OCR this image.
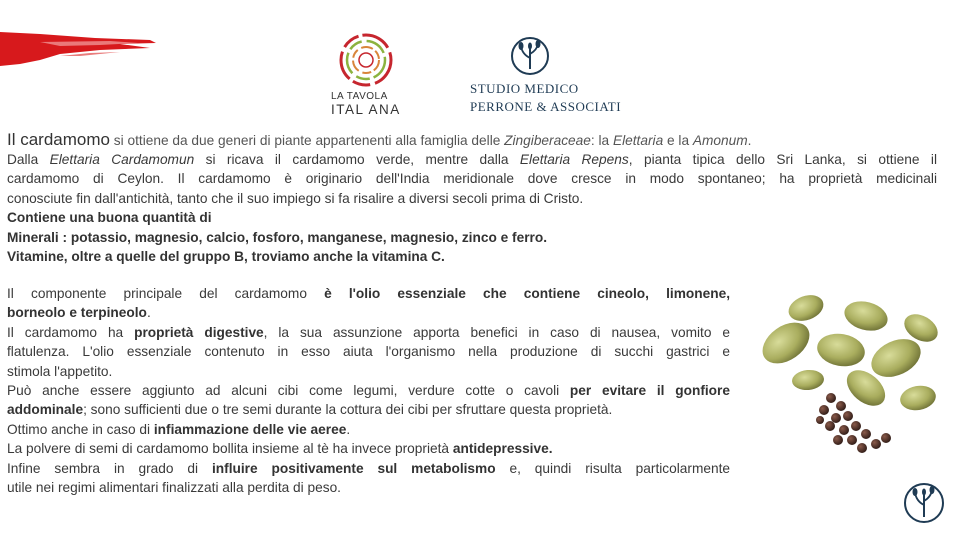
LA TAVOLA
ITAL ANA
STUDIO MEDICO
PERRONE & ASSOCIATI
Il cardamomo si ottiene da due generi di piante appartenenti alla famiglia delle Zingiberaceae: la Elettaria e la Amonum.
Dalla Elettaria Cardamomun si ricava il cardamomo verde, mentre dalla Elettaria Repens, pianta tipica dello Sri Lanka, si ottiene il
cardamomo di Ceylon. Il cardamomo è originario dell'India meridionale dove cresce in modo spontaneo; ha proprietà medicinali
conosciute fin dall'antichità, tanto che il suo impiego si fa risalire a diversi secoli prima di Cristo.
Contiene una buona quantità di
Minerali : potassio, magnesio, calcio, fosforo, manganese, magnesio, zinco e ferro.
Vitamine, oltre a quelle del gruppo B, troviamo anche la vitamina C.
Il componente principale del cardamomo è l'olio essenziale che contiene cineolo, limonene,
borneolo e terpineolo.
Il cardamomo ha proprietà digestive, la sua assunzione apporta benefici in caso di nausea, vomito e
flatulenza. L'olio essenziale contenuto in esso aiuta l'organismo nella produzione di succhi gastrici e
stimola l'appetito.
Può anche essere aggiunto ad alcuni cibi come legumi, verdure cotte o cavoli per evitare il gonfiore
addominale; sono sufficienti due o tre semi durante la cottura dei cibi per sfruttare questa proprietà.
Ottimo anche in caso di infiammazione delle vie aeree.
La polvere di semi di cardamomo bollita insieme al tè ha invece proprietà antidepressive.
Infine sembra in grado di influire positivamente sul metabolismo e, quindi risulta particolarmente
utile nei regimi alimentari finalizzati alla perdita di peso.
